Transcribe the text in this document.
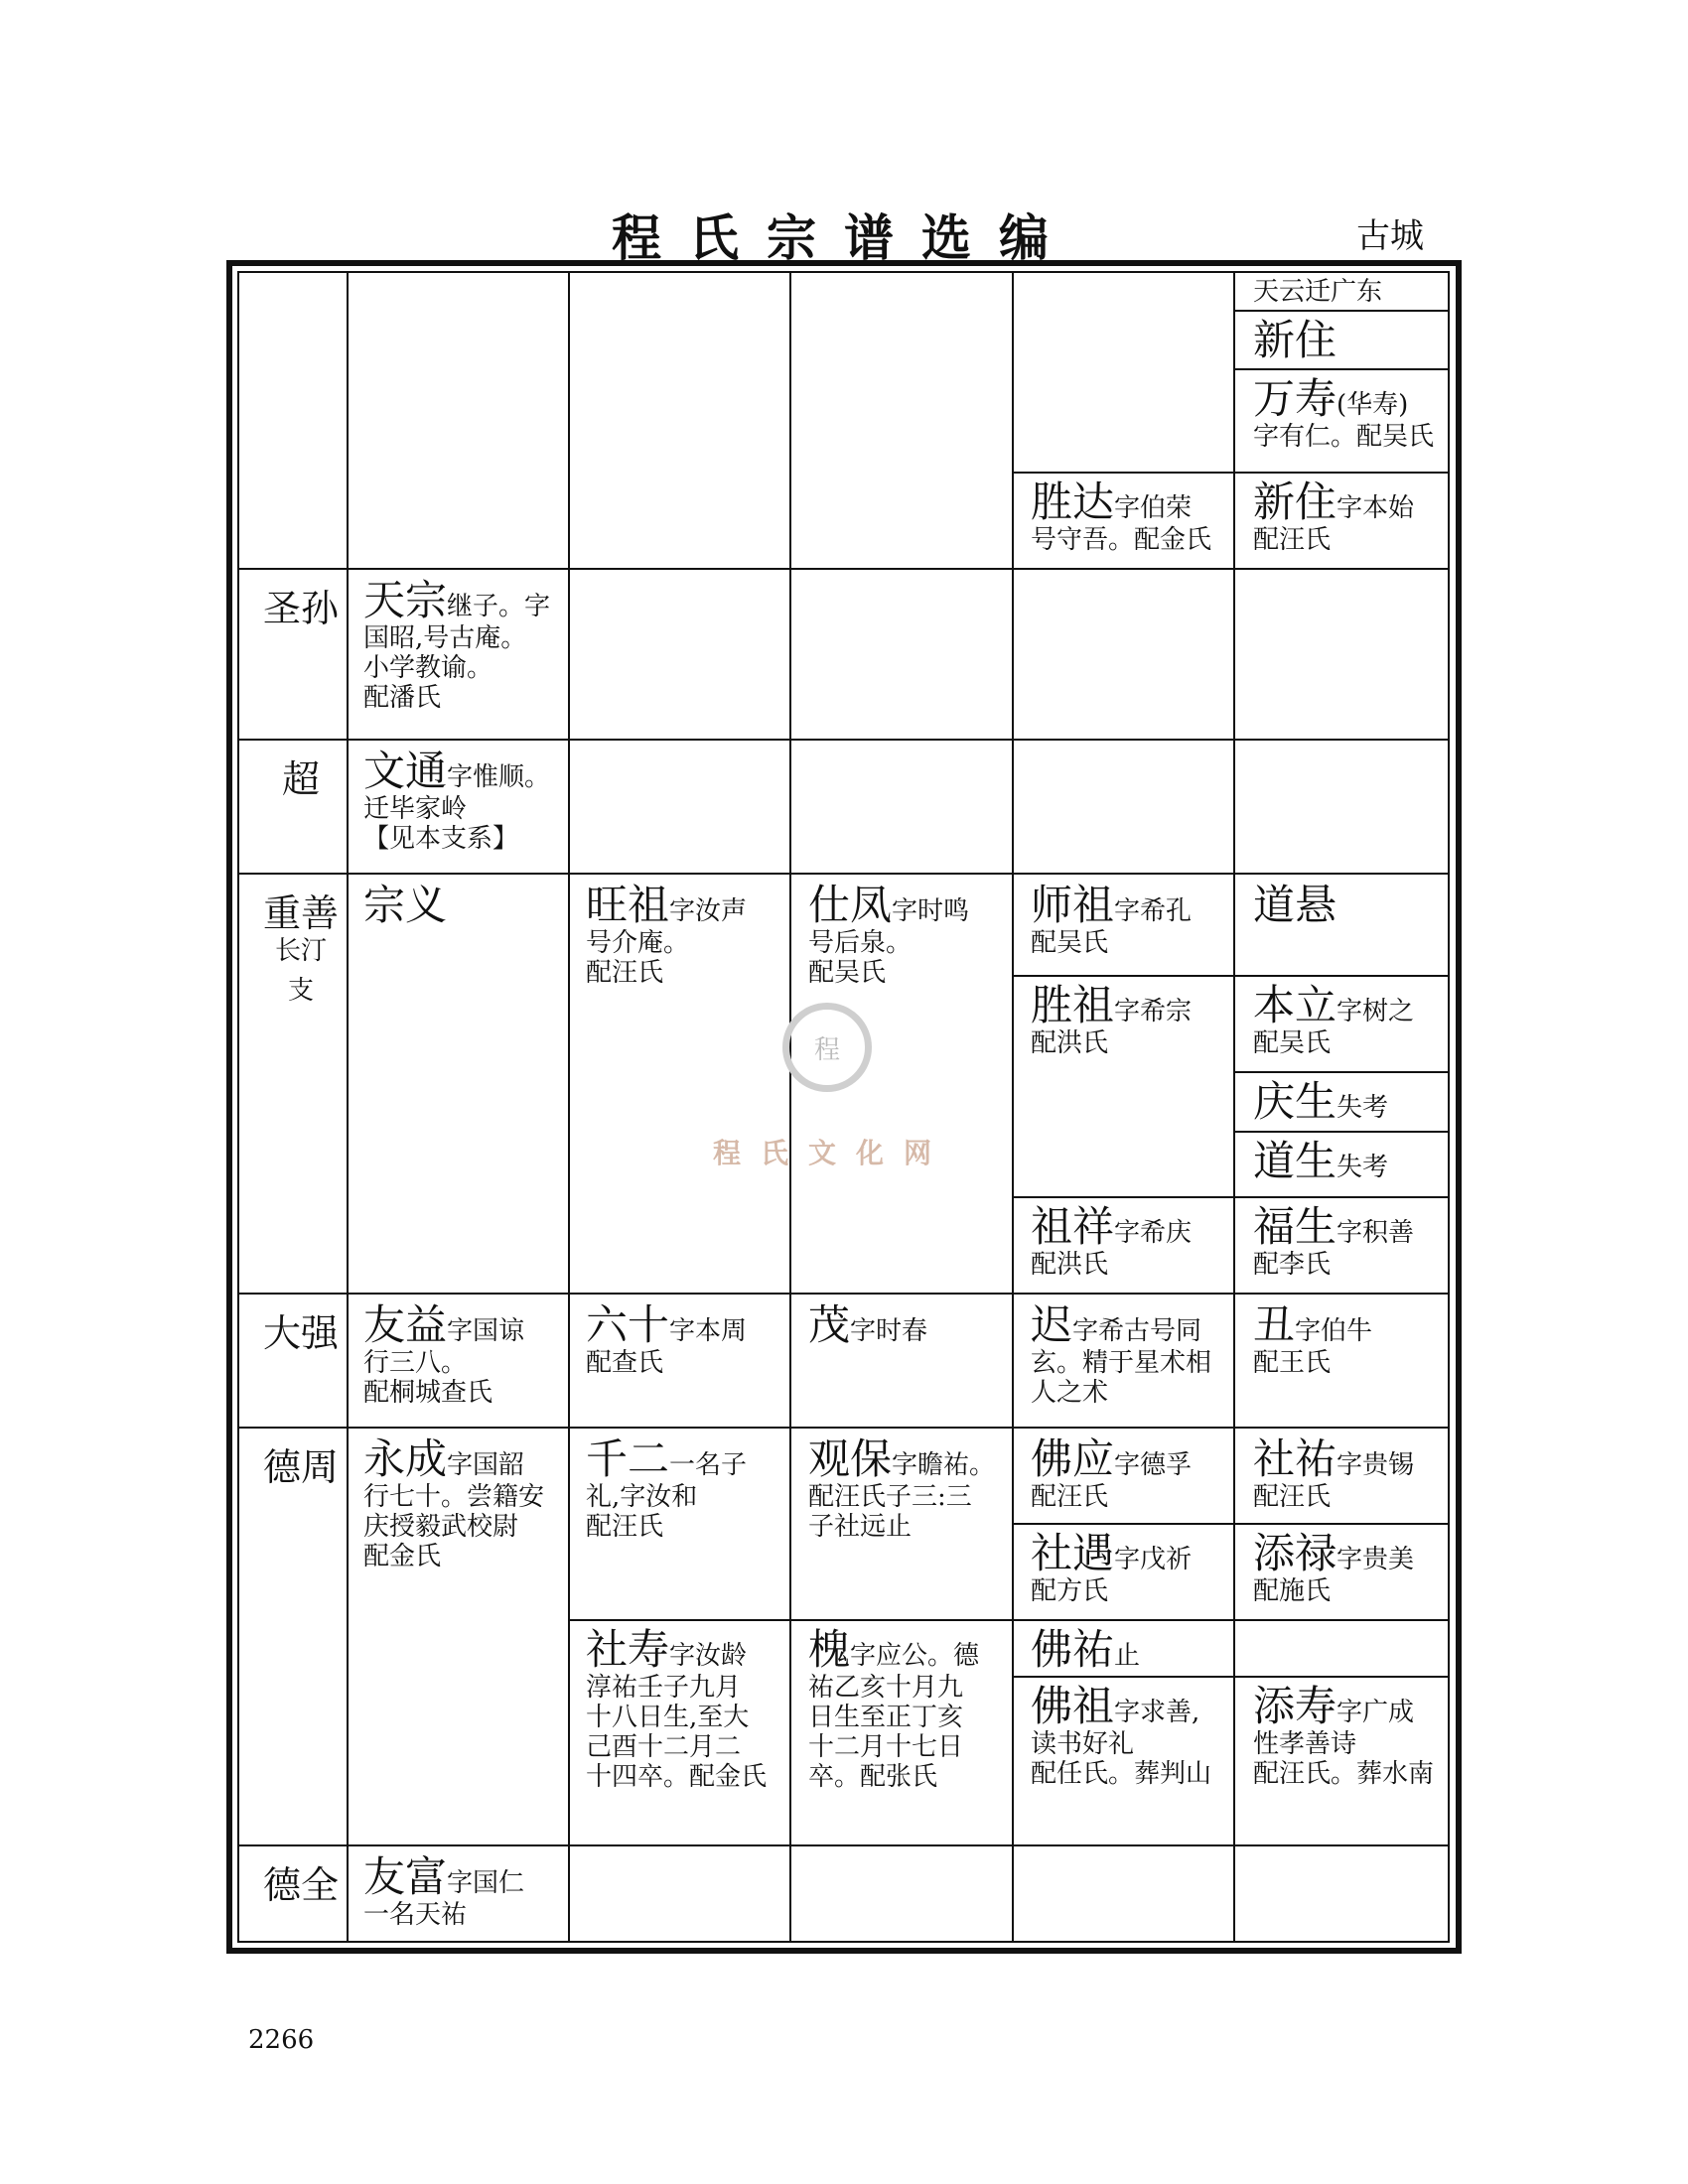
程氏宗谱选编	古城
圣孙
超
重善
长汀
支
大强
德周
德全
天云迁广东
新住
万寿(华寿)
字有仁。配吴氏
胜达字伯荣
号守吾。配金氏
新住字本始
配汪氏
天宗继子。字
国昭,号古庵。
小学教谕。
配潘氏
文通字惟顺。
迁毕家岭
【见本支系】
宗义	旺祖字汝声
号介庵。
配汪氏
仕凤字时鸣
号后泉。
配吴氏
师祖字希孔
配吴氏
道悬
胜祖字希宗
配洪氏
本立字树之
配吴氏
庆生失考
道生失考
祖祥字希庆
配洪氏
福生字积善
配李氏
友益字国谅
行三八。
配桐城查氏
六十字本周
配查氏
茂字时春 迟字希古号同
玄。精于星术相
人之术
丑字伯牛
配王氏
永成字国韶
行七十。尝籍安
庆授毅武校尉
配金氏
千二一名子
礼,字汝和
配汪氏
观保字瞻祐。
配汪氏子三:三
子社远止
佛应字德孚
配汪氏
社祐字贵锡
配汪氏
社遇字戊祈
配方氏
添禄字贵美
配施氏
社寿字汝龄
淳祐壬子九月
十八日生,至大
己酉十二月二
十四卒。配金氏
槐字应公。德
祐乙亥十月九
日生至正丁亥
十二月十七日
卒。配张氏
佛祐止
佛祖字求善,
读书好礼
配任氏。葬判山
添寿字广成
性孝善诗
配汪氏。葬水南
友富字国仁
一名天祐
程
程氏文化网
2266
